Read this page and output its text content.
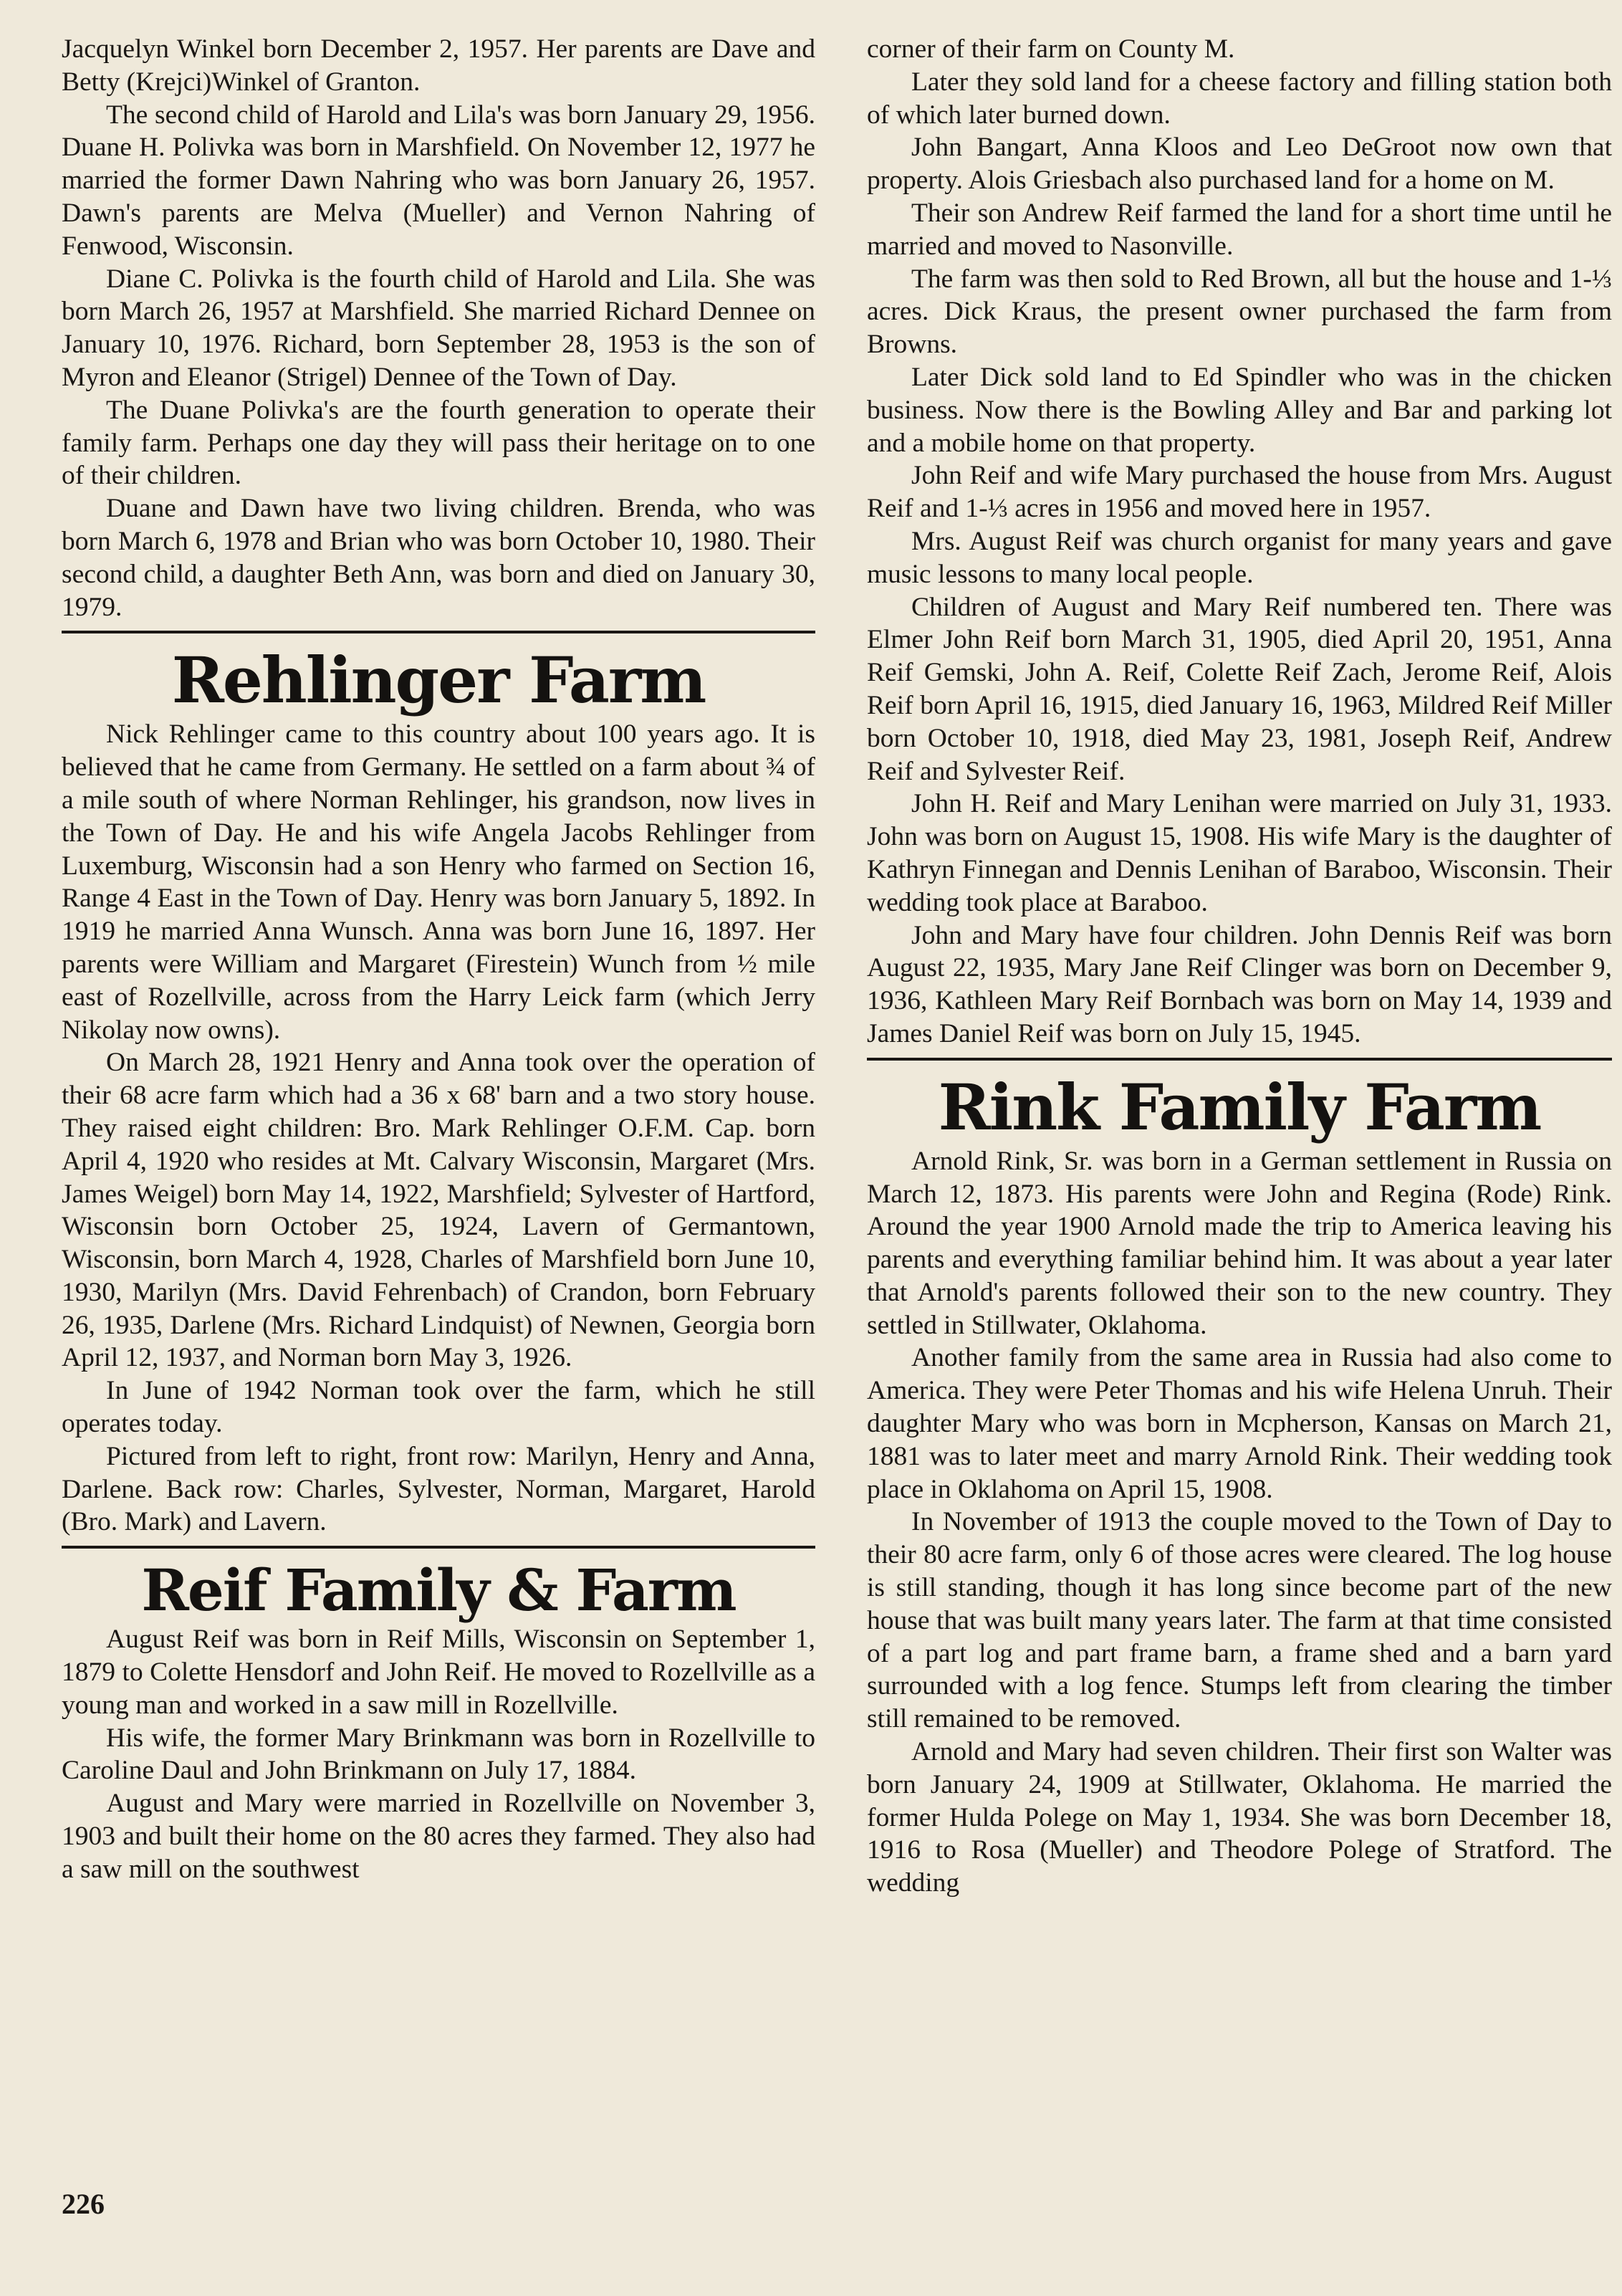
Jacquelyn Winkel born December 2, 1957. Her parents are Dave and Betty (Krejci)Winkel of Granton.

The second child of Harold and Lila's was born January 29, 1956. Duane H. Polivka was born in Marshfield. On November 12, 1977 he married the former Dawn Nahring who was born January 26, 1957. Dawn's parents are Melva (Mueller) and Vernon Nahring of Fenwood, Wisconsin.

Diane C. Polivka is the fourth child of Harold and Lila. She was born March 26, 1957 at Marshfield. She married Richard Dennee on January 10, 1976. Richard, born September 28, 1953 is the son of Myron and Eleanor (Strigel) Dennee of the Town of Day.

The Duane Polivka's are the fourth generation to operate their family farm. Perhaps one day they will pass their heritage on to one of their children.

Duane and Dawn have two living children. Brenda, who was born March 6, 1978 and Brian who was born October 10, 1980. Their second child, a daughter Beth Ann, was born and died on January 30, 1979.

Rehlinger Farm

Nick Rehlinger came to this country about 100 years ago. It is believed that he came from Germany. He settled on a farm about ¾ of a mile south of where Norman Rehlinger, his grandson, now lives in the Town of Day. He and his wife Angela Jacobs Rehlinger from Luxemburg, Wisconsin had a son Henry who farmed on Section 16, Range 4 East in the Town of Day. Henry was born January 5, 1892. In 1919 he married Anna Wunsch. Anna was born June 16, 1897. Her parents were William and Margaret (Firestein) Wunch from ½ mile east of Rozellville, across from the Harry Leick farm (which Jerry Nikolay now owns).

On March 28, 1921 Henry and Anna took over the operation of their 68 acre farm which had a 36 x 68' barn and a two story house. They raised eight children: Bro. Mark Rehlinger O.F.M. Cap. born April 4, 1920 who resides at Mt. Calvary Wisconsin, Margaret (Mrs. James Weigel) born May 14, 1922, Marshfield; Sylvester of Hartford, Wisconsin born October 25, 1924, Lavern of Germantown, Wisconsin, born March 4, 1928, Charles of Marshfield born June 10, 1930, Marilyn (Mrs. David Fehrenbach) of Crandon, born February 26, 1935, Darlene (Mrs. Richard Lindquist) of Newnen, Georgia born April 12, 1937, and Norman born May 3, 1926.

In June of 1942 Norman took over the farm, which he still operates today.

Pictured from left to right, front row: Marilyn, Henry and Anna, Darlene. Back row: Charles, Sylvester, Norman, Margaret, Harold (Bro. Mark) and Lavern.

Reif Family & Farm

August Reif was born in Reif Mills, Wisconsin on September 1, 1879 to Colette Hensdorf and John Reif. He moved to Rozellville as a young man and worked in a saw mill in Rozellville.

His wife, the former Mary Brinkmann was born in Rozellville to Caroline Daul and John Brinkmann on July 17, 1884.

August and Mary were married in Rozellville on November 3, 1903 and built their home on the 80 acres they farmed. They also had a saw mill on the southwest

corner of their farm on County M.

Later they sold land for a cheese factory and filling station both of which later burned down.

John Bangart, Anna Kloos and Leo DeGroot now own that property. Alois Griesbach also purchased land for a home on M.

Their son Andrew Reif farmed the land for a short time until he married and moved to Nasonville.

The farm was then sold to Red Brown, all but the house and 1-⅓ acres. Dick Kraus, the present owner purchased the farm from Browns.

Later Dick sold land to Ed Spindler who was in the chicken business. Now there is the Bowling Alley and Bar and parking lot and a mobile home on that property.

John Reif and wife Mary purchased the house from Mrs. August Reif and 1-⅓ acres in 1956 and moved here in 1957.

Mrs. August Reif was church organist for many years and gave music lessons to many local people.

Children of August and Mary Reif numbered ten. There was Elmer John Reif born March 31, 1905, died April 20, 1951, Anna Reif Gemski, John A. Reif, Colette Reif Zach, Jerome Reif, Alois Reif born April 16, 1915, died January 16, 1963, Mildred Reif Miller born October 10, 1918, died May 23, 1981, Joseph Reif, Andrew Reif and Sylvester Reif.

John H. Reif and Mary Lenihan were married on July 31, 1933. John was born on August 15, 1908. His wife Mary is the daughter of Kathryn Finnegan and Dennis Lenihan of Baraboo, Wisconsin. Their wedding took place at Baraboo.

John and Mary have four children. John Dennis Reif was born August 22, 1935, Mary Jane Reif Clinger was born on December 9, 1936, Kathleen Mary Reif Bornbach was born on May 14, 1939 and James Daniel Reif was born on July 15, 1945.

Rink Family Farm

Arnold Rink, Sr. was born in a German settlement in Russia on March 12, 1873. His parents were John and Regina (Rode) Rink. Around the year 1900 Arnold made the trip to America leaving his parents and everything familiar behind him. It was about a year later that Arnold's parents followed their son to the new country. They settled in Stillwater, Oklahoma.

Another family from the same area in Russia had also come to America. They were Peter Thomas and his wife Helena Unruh. Their daughter Mary who was born in Mcpherson, Kansas on March 21, 1881 was to later meet and marry Arnold Rink. Their wedding took place in Oklahoma on April 15, 1908.

In November of 1913 the couple moved to the Town of Day to their 80 acre farm, only 6 of those acres were cleared. The log house is still standing, though it has long since become part of the new house that was built many years later. The farm at that time consisted of a part log and part frame barn, a frame shed and a barn yard surrounded with a log fence. Stumps left from clearing the timber still remained to be removed.

Arnold and Mary had seven children. Their first son Walter was born January 24, 1909 at Stillwater, Oklahoma. He married the former Hulda Polege on May 1, 1934. She was born December 18, 1916 to Rosa (Mueller) and Theodore Polege of Stratford. The wedding

226
